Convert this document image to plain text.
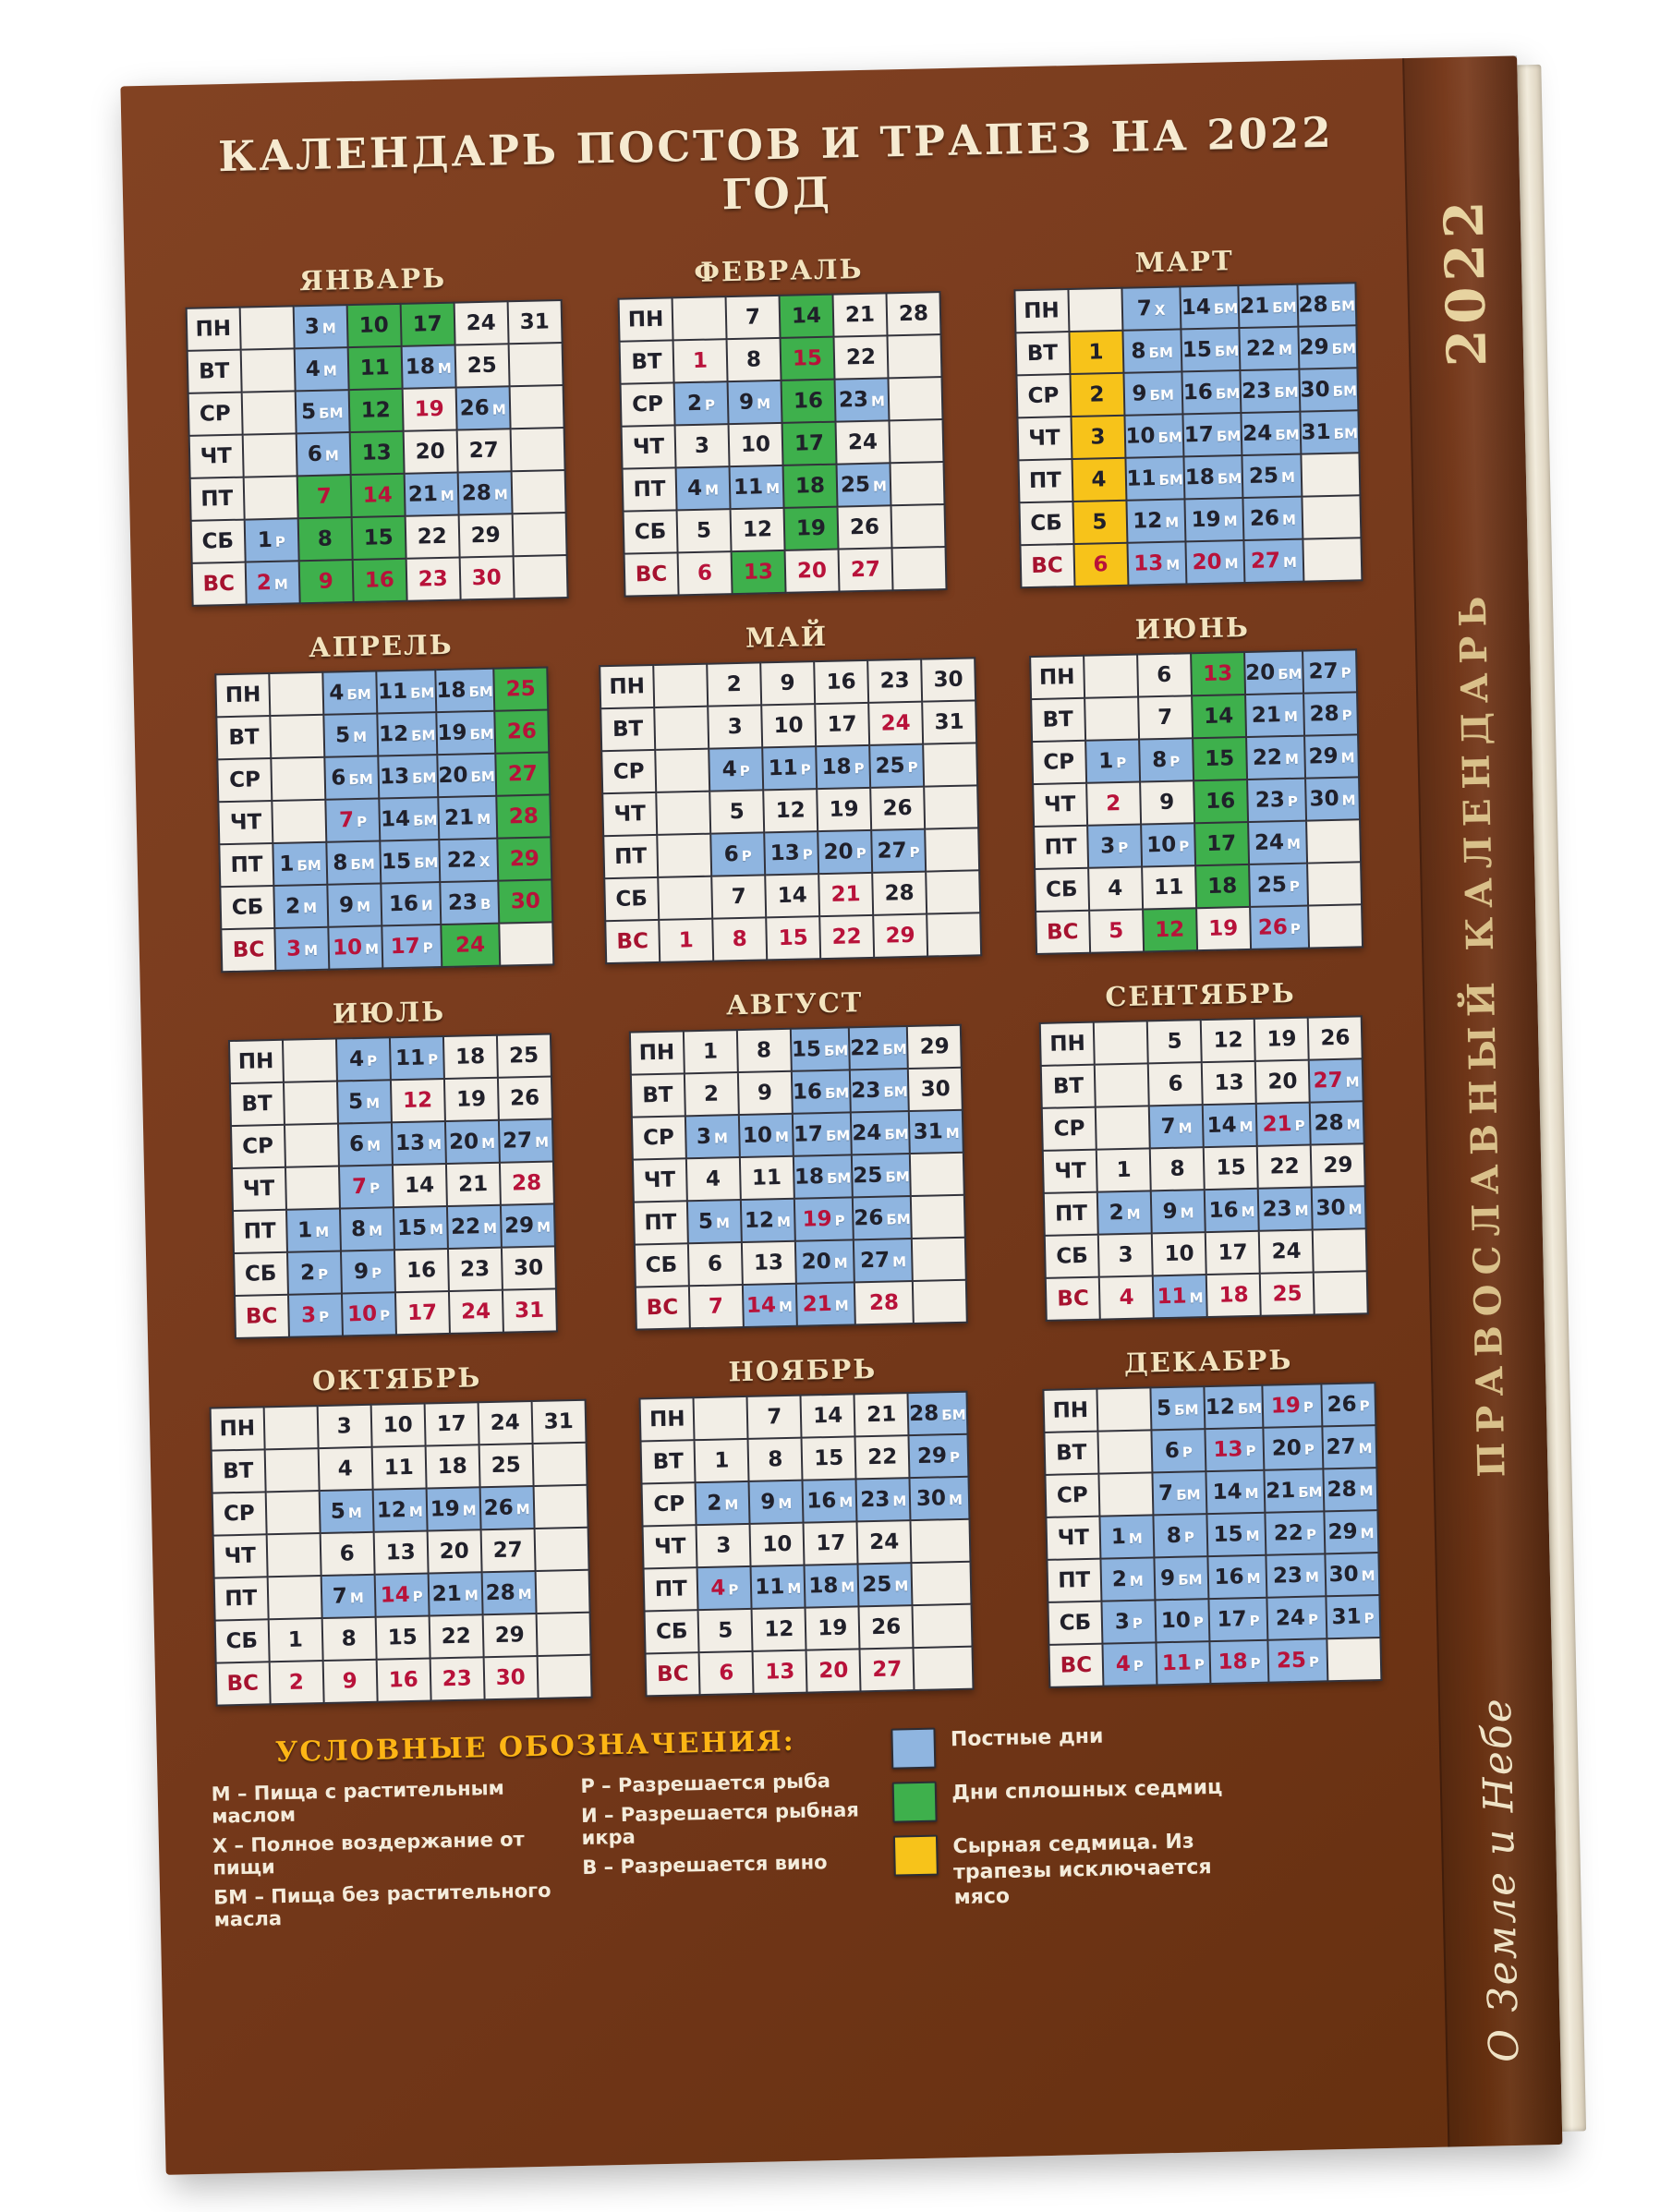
КАЛЕНДАРЬ ПОСТОВ И ТРАПЕЗ НА 2022 ГОД
ЯНВАРЬ
ПН		3 М	10	17	24	31
ВТ		4 М	11	18 М	25	
СР		5 БМ	12	19	26 М	
ЧТ		6 М	13	20	27	
ПТ		7	14	21 М	28 М	
СБ	1 Р	8	15	22	29	
ВС	2 М	9	16	23	30	
ФЕВРАЛЬ
ПН		7	14	21	28
ВТ	1	8	15	22	
СР	2 Р	9 М	16	23 М	
ЧТ	3	10	17	24	
ПТ	4 М	11 М	18	25 М	
СБ	5	12	19	26	
ВС	6	13	20	27	
МАРТ
ПН		7 Х	14 БМ	21 БМ	28 БМ
ВТ	1	8 БМ	15 БМ	22 М	29 БМ
СР	2	9 БМ	16 БМ	23 БМ	30 БМ
ЧТ	3	10 БМ	17 БМ	24 БМ	31 БМ
ПТ	4	11 БМ	18 БМ	25 М	
СБ	5	12 М	19 М	26 М	
ВС	6	13 М	20 М	27 М	
АПРЕЛЬ
ПН		4 БМ	11 БМ	18 БМ	25
ВТ		5 М	12 БМ	19 БМ	26
СР		6 БМ	13 БМ	20 БМ	27
ЧТ		7 Р	14 БМ	21 М	28
ПТ	1 БМ	8 БМ	15 БМ	22 Х	29
СБ	2 М	9 М	16 И	23 В	30
ВС	3 М	10 М	17 Р	24	
МАЙ
ПН		2	9	16	23	30
ВТ		3	10	17	24	31
СР		4 Р	11 Р	18 Р	25 Р	
ЧТ		5	12	19	26	
ПТ		6 Р	13 Р	20 Р	27 Р	
СБ		7	14	21	28	
ВС	1	8	15	22	29	
ИЮНЬ
ПН		6	13	20 БМ	27 Р
ВТ		7	14	21 М	28 Р
СР	1 Р	8 Р	15	22 М	29 М
ЧТ	2	9	16	23 Р	30 М
ПТ	3 Р	10 Р	17	24 М	
СБ	4	11	18	25 Р	
ВС	5	12	19	26 Р	
ИЮЛЬ
ПН		4 Р	11 Р	18	25
ВТ		5 М	12	19	26
СР		6 М	13 М	20 М	27 М
ЧТ		7 Р	14	21	28
ПТ	1 М	8 М	15 М	22 М	29 М
СБ	2 Р	9 Р	16	23	30
ВС	3 Р	10 Р	17	24	31
АВГУСТ
ПН	1	8	15 БМ	22 БМ	29
ВТ	2	9	16 БМ	23 БМ	30
СР	3 М	10 М	17 БМ	24 БМ	31 М
ЧТ	4	11	18 БМ	25 БМ	
ПТ	5 М	12 М	19 Р	26 БМ	
СБ	6	13	20 М	27 М	
ВС	7	14 М	21 М	28	
СЕНТЯБРЬ
ПН		5	12	19	26
ВТ		6	13	20	27 М
СР		7 М	14 М	21 Р	28 М
ЧТ	1	8	15	22	29
ПТ	2 М	9 М	16 М	23 М	30 М
СБ	3	10	17	24	
ВС	4	11 М	18	25	
ОКТЯБРЬ
ПН		3	10	17	24	31
ВТ		4	11	18	25	
СР		5 М	12 М	19 М	26 М	
ЧТ		6	13	20	27	
ПТ		7 М	14 Р	21 М	28 М	
СБ	1	8	15	22	29	
ВС	2	9	16	23	30	
НОЯБРЬ
ПН		7	14	21	28 БМ
ВТ	1	8	15	22	29 Р
СР	2 М	9 М	16 М	23 М	30 М
ЧТ	3	10	17	24	
ПТ	4 Р	11 М	18 М	25 М	
СБ	5	12	19	26	
ВС	6	13	20	27	
ДЕКАБРЬ
ПН		5 БМ	12 БМ	19 Р	26 Р
ВТ		6 Р	13 Р	20 Р	27 М
СР		7 БМ	14 М	21 БМ	28 М
ЧТ	1 М	8 Р	15 М	22 Р	29 М
ПТ	2 М	9 БМ	16 М	23 М	30 М
СБ	3 Р	10 Р	17 Р	24 Р	31 Р
ВС	4 Р	11 Р	18 Р	25 Р	
УСЛОВНЫЕ ОБОЗНАЧЕНИЯ:
М – Пища с растительным маслом
Х – Полное воздержание от пищи
БМ – Пища без растительного масла
Р – Разрешается рыба
И – Разрешается рыбная икра
В – Разрешается вино
Постные дни
Дни сплошных седмиц
Сырная седмица. Из трапезы исключается мясо
2022
ПРАВОСЛАВНЫЙ КАЛЕНДАРЬ
О Земле и Небе
